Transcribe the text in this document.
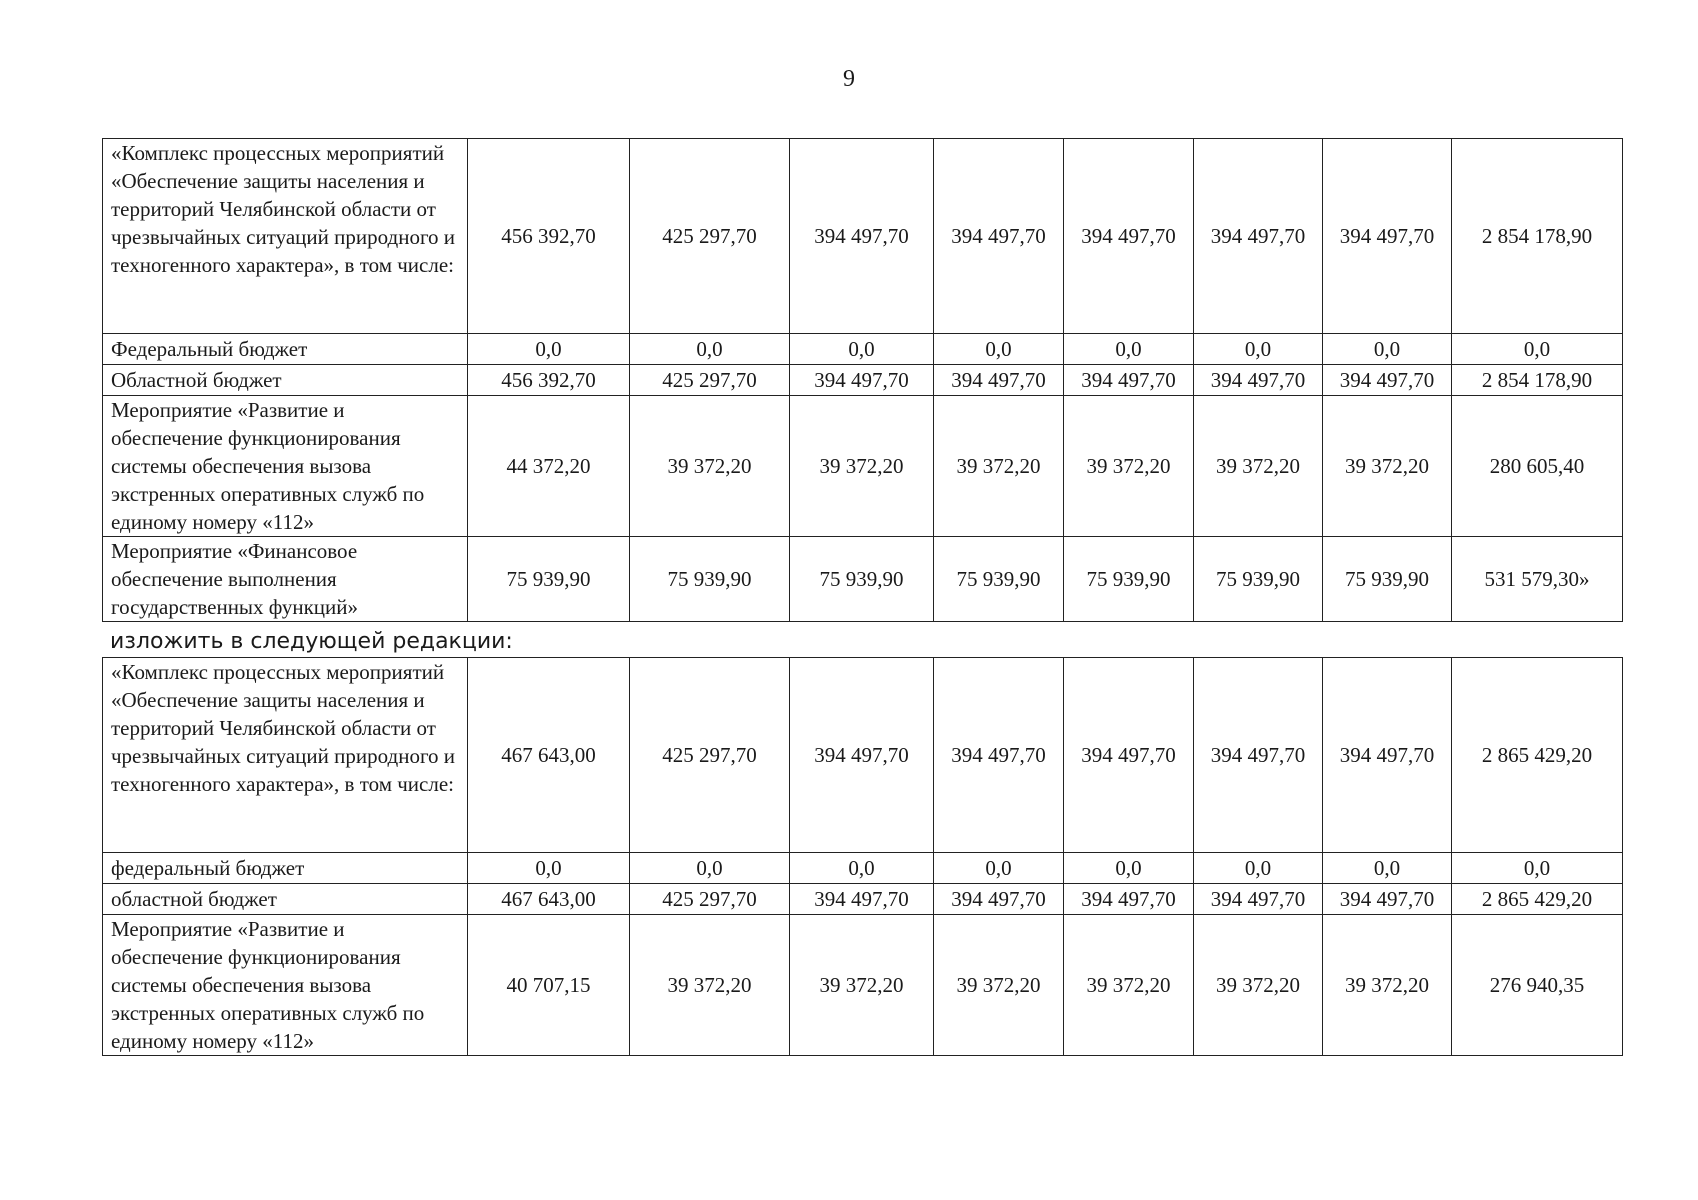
9
«Комплекс процессных мероприятий «Обеспечение защиты населения и территорий Челябинской области от чрезвычайных ситуаций природного и техногенного характера», в том числе:	456 392,70	425 297,70	394 497,70	394 497,70	394 497,70	394 497,70	394 497,70	2 854 178,90
Федеральный бюджет	0,0	0,0	0,0	0,0	0,0	0,0	0,0	0,0
Областной бюджет	456 392,70	425 297,70	394 497,70	394 497,70	394 497,70	394 497,70	394 497,70	2 854 178,90
Мероприятие «Развитие и обеспечение функционирования системы обеспечения вызова экстренных оперативных служб по единому номеру «112»	44 372,20	39 372,20	39 372,20	39 372,20	39 372,20	39 372,20	39 372,20	280 605,40
Мероприятие «Финансовое обеспечение выполнения государственных функций»	75 939,90	75 939,90	75 939,90	75 939,90	75 939,90	75 939,90	75 939,90	531 579,30»
изложить в следующей редакции:
«Комплекс процессных мероприятий «Обеспечение защиты населения и территорий Челябинской области от чрезвычайных ситуаций природного и техногенного характера», в том числе:	467 643,00	425 297,70	394 497,70	394 497,70	394 497,70	394 497,70	394 497,70	2 865 429,20
федеральный бюджет	0,0	0,0	0,0	0,0	0,0	0,0	0,0	0,0
областной бюджет	467 643,00	425 297,70	394 497,70	394 497,70	394 497,70	394 497,70	394 497,70	2 865 429,20
Мероприятие «Развитие и обеспечение функционирования системы обеспечения вызова экстренных оперативных служб по единому номеру «112»	40 707,15	39 372,20	39 372,20	39 372,20	39 372,20	39 372,20	39 372,20	276 940,35
